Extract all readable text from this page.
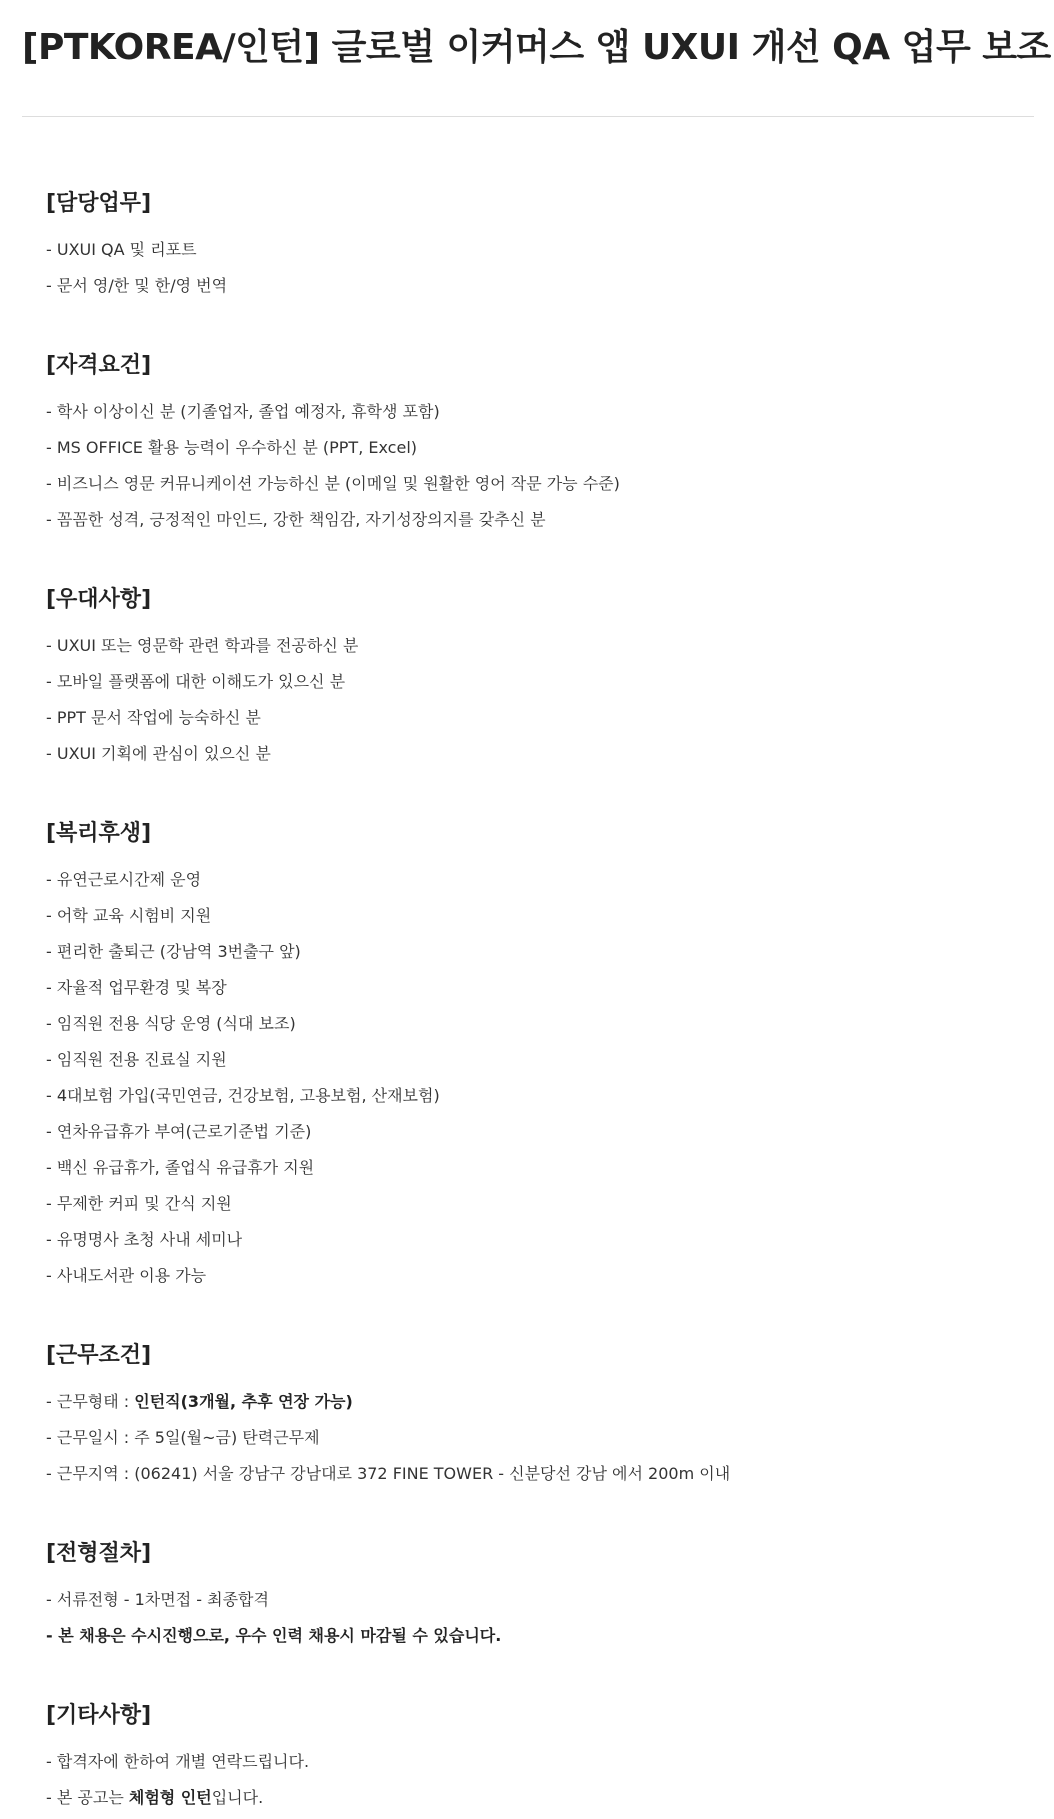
[PTKOREA/인턴] 글로벌 이커머스 앱 UXUI 개선 QA 업무 보조
[담당업무]
- UXUI QA 및 리포트
- 문서 영/한 및 한/영 번역
[자격요건]
- 학사 이상이신 분 (기졸업자, 졸업 예정자, 휴학생 포함)
- MS OFFICE 활용 능력이 우수하신 분 (PPT, Excel)
- 비즈니스 영문 커뮤니케이션 가능하신 분 (이메일 및 원활한 영어 작문 가능 수준)
- 꼼꼼한 성격, 긍정적인 마인드, 강한 책임감, 자기성장의지를 갖추신 분
[우대사항]
- UXUI 또는 영문학 관련 학과를 전공하신 분
- 모바일 플랫폼에 대한 이해도가 있으신 분
- PPT 문서 작업에 능숙하신 분
- UXUI 기획에 관심이 있으신 분
[복리후생]
- 유연근로시간제 운영
- 어학 교육 시험비 지원
- 편리한 출퇴근 (강남역 3번출구 앞)
- 자율적 업무환경 및 복장
- 임직원 전용 식당 운영 (식대 보조)
- 임직원 전용 진료실 지원
- 4대보험 가입(국민연금, 건강보험, 고용보험, 산재보험)
- 연차유급휴가 부여(근로기준법 기준)
- 백신 유급휴가, 졸업식 유급휴가 지원
- 무제한 커피 및 간식 지원
- 유명명사 초청 사내 세미나
- 사내도서관 이용 가능
[근무조건]
- 근무형태 : 인턴직(3개월, 추후 연장 가능)
- 근무일시 : 주 5일(월~금) 탄력근무제
- 근무지역 : (06241) 서울 강남구 강남대로 372 FINE TOWER - 신분당선 강남 에서 200m 이내
[전형절차]
- 서류전형 - 1차면접 - 최종합격
- 본 채용은 수시진행으로, 우수 인력 채용시 마감될 수 있습니다.
[기타사항]
- 합격자에 한하여 개별 연락드립니다.
- 본 공고는 체험형 인턴입니다.
